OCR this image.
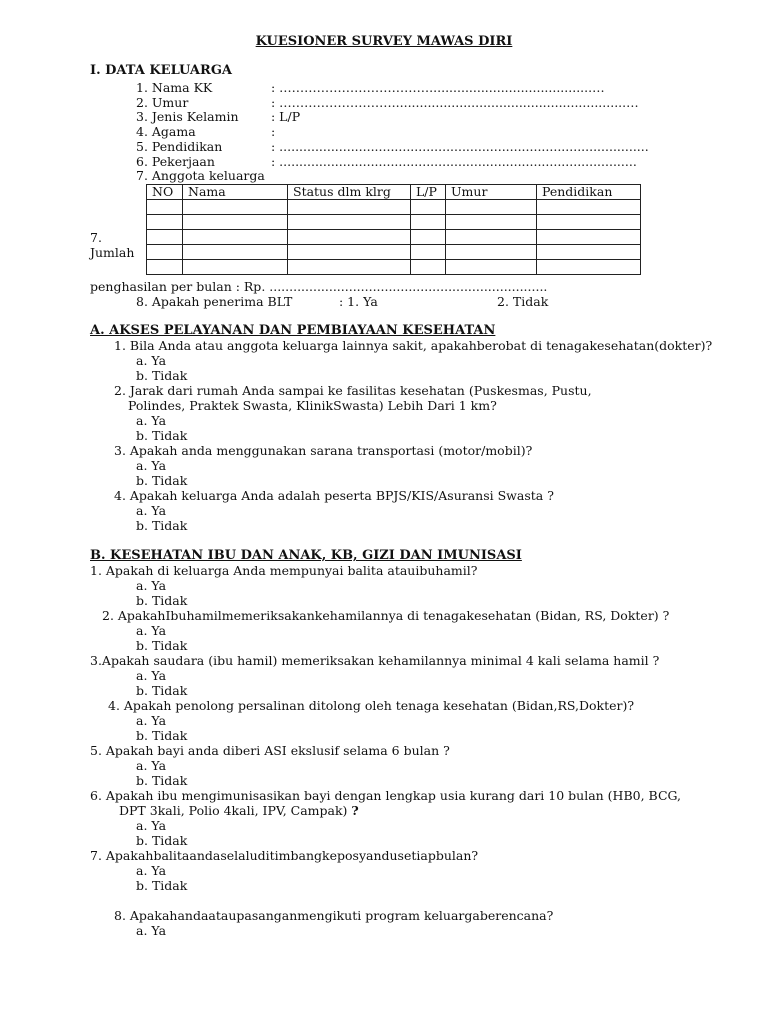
KUESIONER SURVEY MAWAS DIRI
I. DATA KELUARGA
1. Nama KK	: ……………………………….........................................…
2. Umur	: ………………………...........................................................…
3. Jenis Kelamin	: L/P
4. Agama	:
5. Pendidikan	: .............................................................................................
6. Pekerjaan	: ..........................................................................................
7. Anggota keluarga
NO	Nama	Status dlm klrg	L/P	Umur	Pendidikan

7.
Jumlah
penghasilan per bulan : Rp. ......................................................................
8. Apakah penerima BLT	: 1. Ya	2. Tidak
A. AKSES PELAYANAN DAN PEMBIAYAAN KESEHATAN
1. Bila Anda atau anggota keluarga lainnya sakit, apakahberobat di tenagakesehatan(dokter)?
a. Ya
b. Tidak
2. Jarak dari rumah Anda sampai ke fasilitas kesehatan (Puskesmas, Pustu,
Polindes, Praktek Swasta, KlinikSwasta) Lebih Dari 1 km?
a. Ya
b. Tidak
3. Apakah anda menggunakan sarana transportasi (motor/mobil)?
a. Ya
b. Tidak
4. Apakah keluarga Anda adalah peserta BPJS/KIS/Asuransi Swasta ?
a. Ya
b. Tidak
B. KESEHATAN IBU DAN ANAK, KB, GIZI DAN IMUNISASI
1. Apakah di keluarga Anda mempunyai balita atauibuhamil?
a. Ya
b. Tidak
2. ApakahIbuhamilmemeriksakankehamilannya di tenagakesehatan (Bidan, RS, Dokter) ?
a. Ya
b. Tidak
3.Apakah saudara (ibu hamil) memeriksakan kehamilannya minimal 4 kali selama hamil ?
a. Ya
b. Tidak
4. Apakah penolong persalinan ditolong oleh tenaga kesehatan (Bidan,RS,Dokter)?
a. Ya
b. Tidak
5. Apakah bayi anda diberi ASI ekslusif selama 6 bulan ?
a. Ya
b. Tidak
6. Apakah ibu mengimunisasikan bayi dengan lengkap usia kurang dari 10 bulan (HB0, BCG,
DPT 3kali, Polio 4kali, IPV, Campak) ?
a. Ya
b. Tidak
7. Apakahbalitaandaselaluditimbangkeposyandusetiapbulan?
a. Ya
b. Tidak
8. Apakahandaataupasanganmengikuti program keluargaberencana?
a. Ya
